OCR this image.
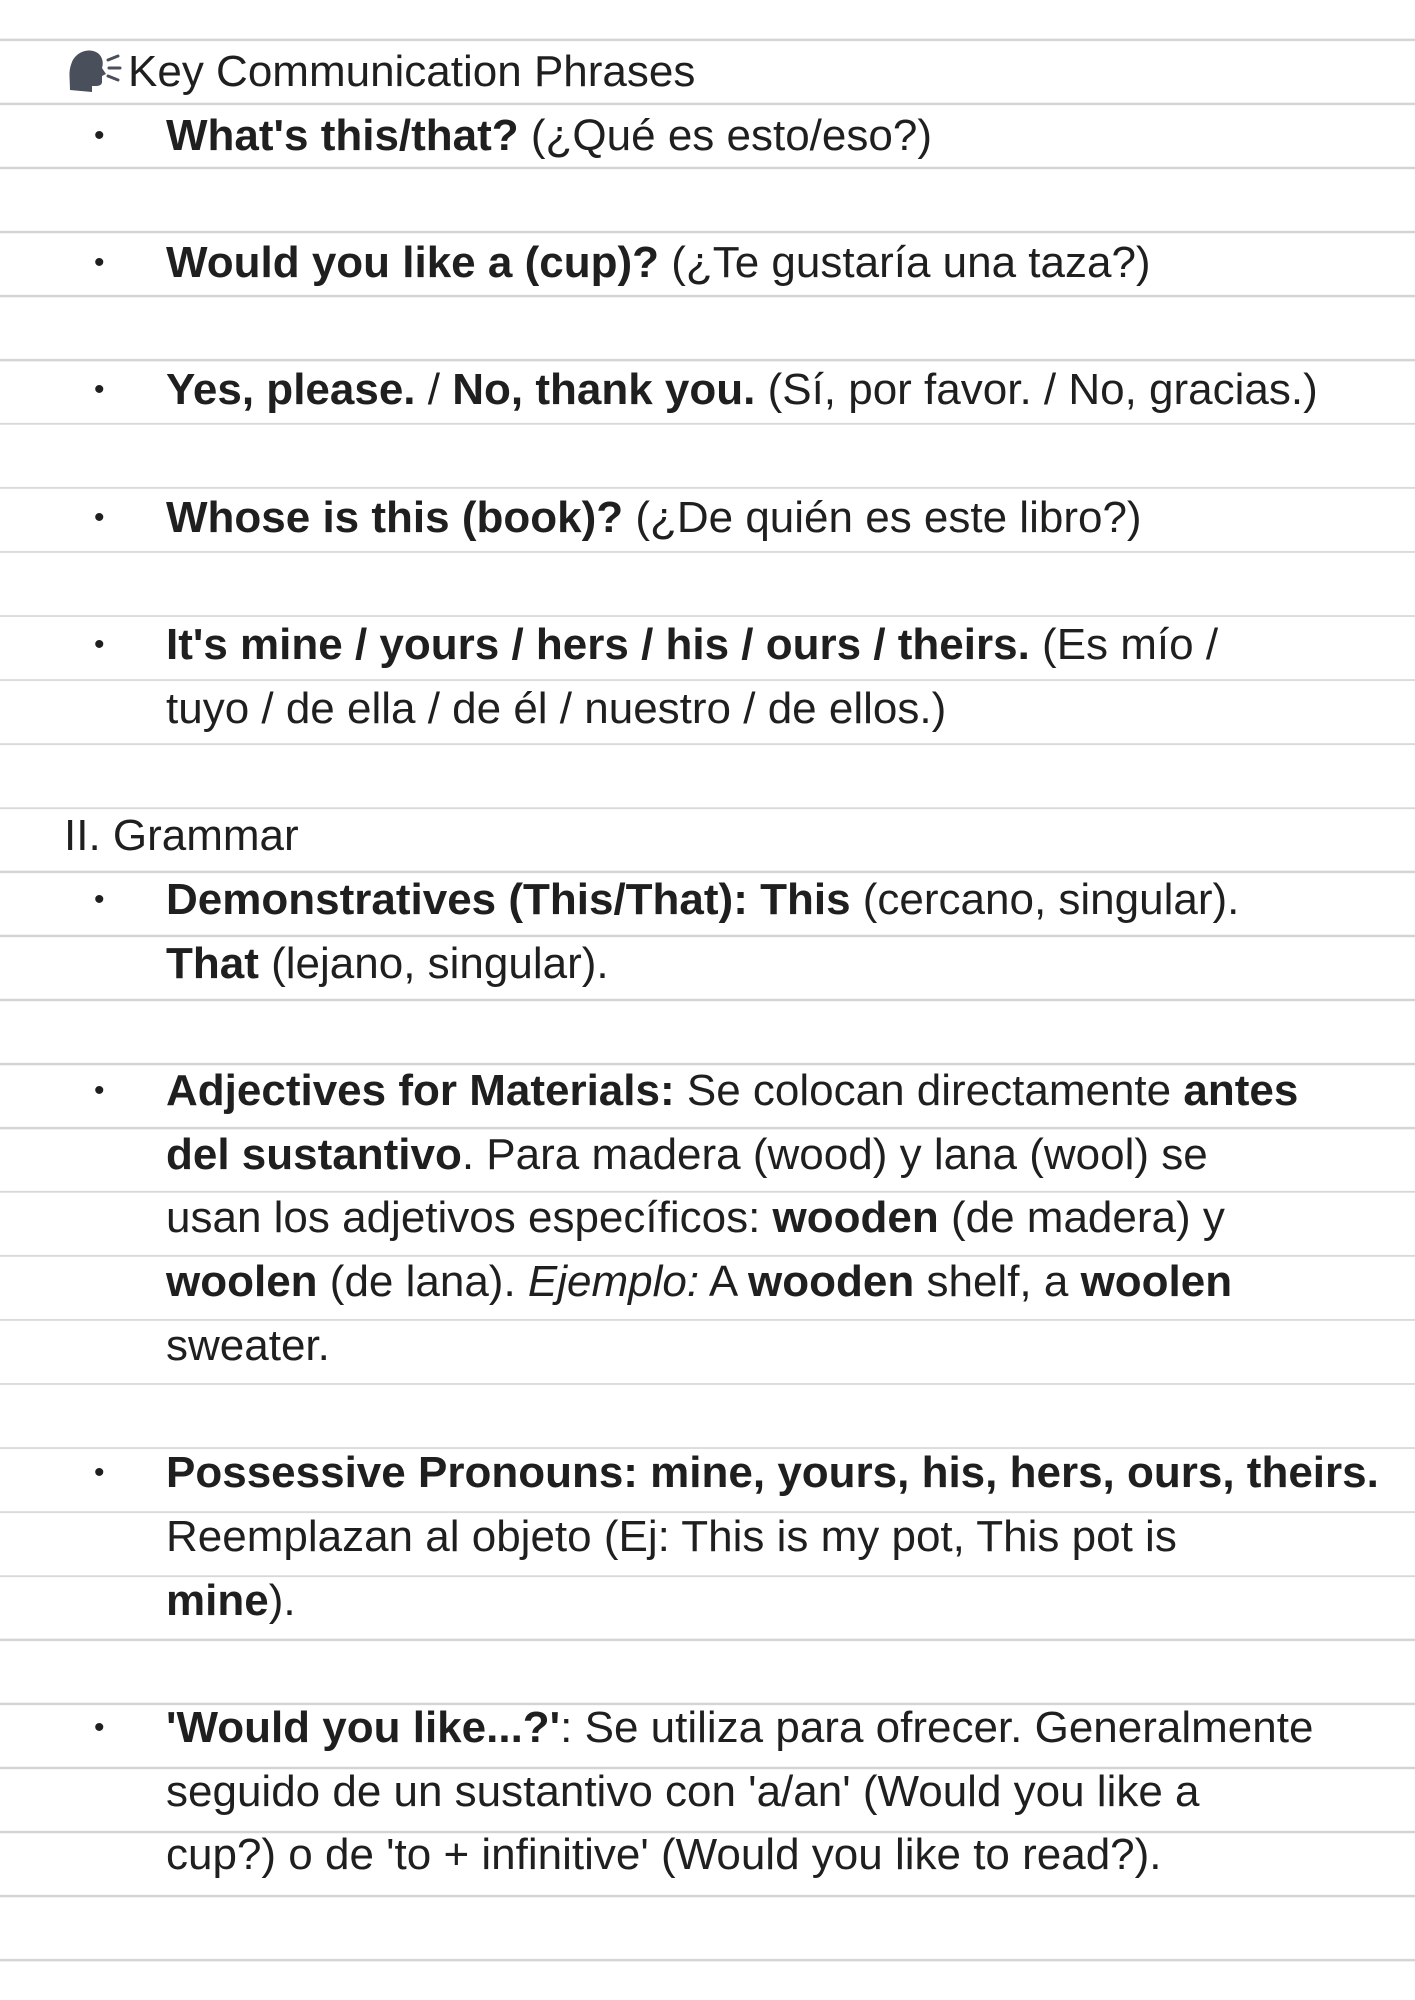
Key Communication Phrases
•	What's this/that? (¿Qué es esto/eso?)
•	Would you like a (cup)? (¿Te gustaría una taza?)
•	Yes, please. / No, thank you. (Sí, por favor. / No, gracias.)
•	Whose is this (book)? (¿De quién es este libro?)
•	It's mine / yours / hers / his / ours / theirs. (Es mío /
tuyo / de ella / de él / nuestro / de ellos.)
II. Grammar
•	Demonstratives (This/That): This (cercano, singular).
That (lejano, singular).
•	Adjectives for Materials: Se colocan directamente antes
del sustantivo. Para madera (wood) y lana (wool) se
usan los adjetivos específicos: wooden (de madera) y
woolen (de lana). Ejemplo: A wooden shelf, a woolen
sweater.
•	Possessive Pronouns: mine, yours, his, hers, ours, theirs.
Reemplazan al objeto (Ej: This is my pot, This pot is
mine).
•	'Would you like...?': Se utiliza para ofrecer. Generalmente
seguido de un sustantivo con 'a/an' (Would you like a
cup?) o de 'to + infinitive' (Would you like to read?).
